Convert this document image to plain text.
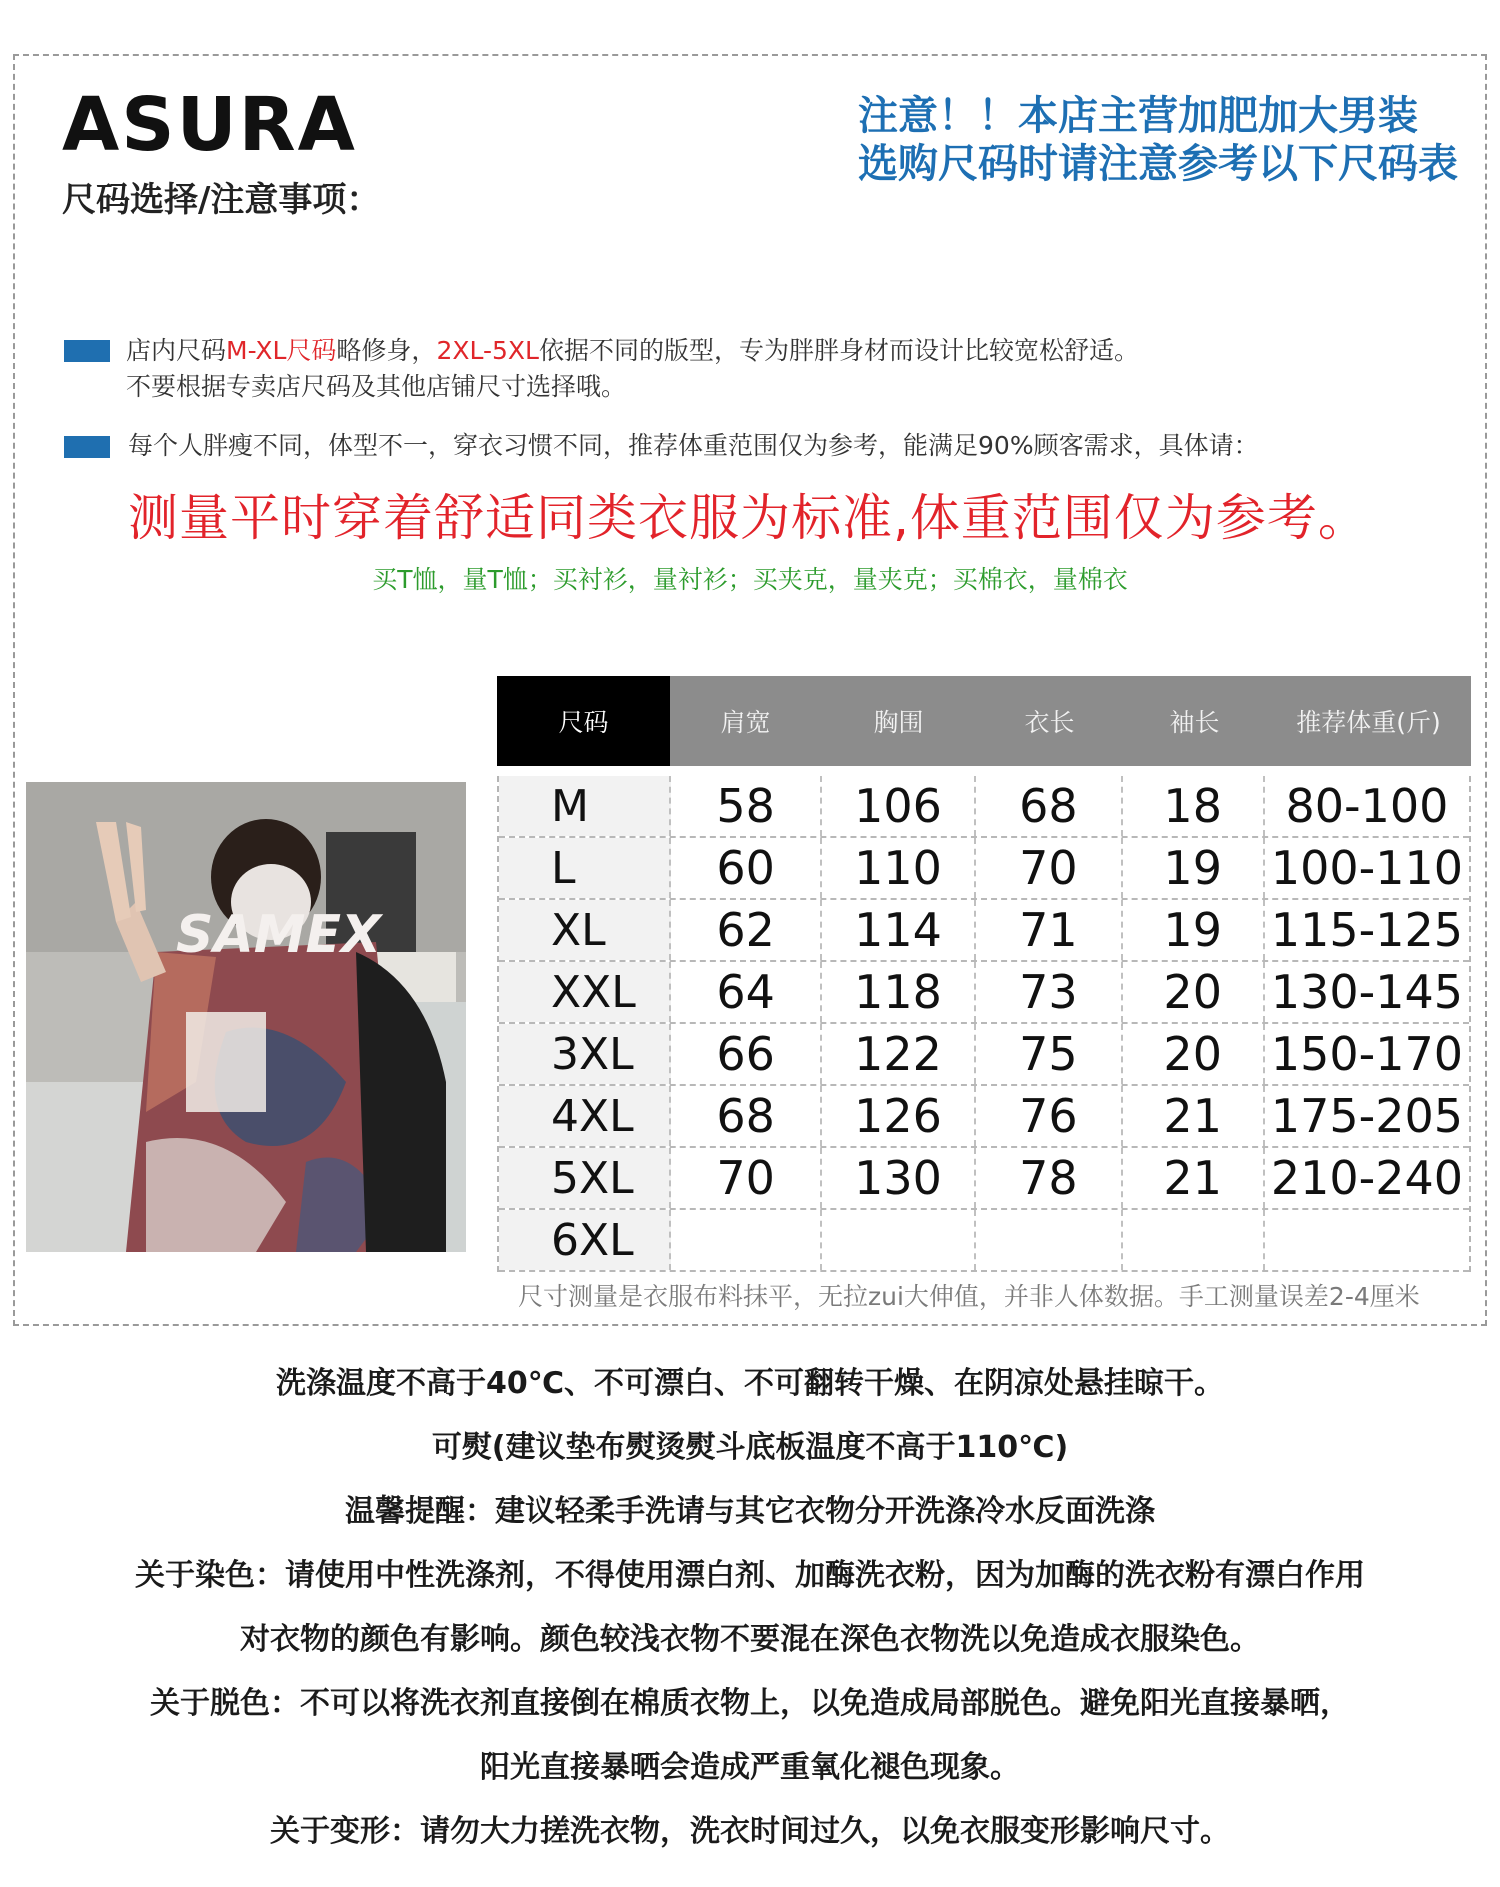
ASURA
尺码选择/注意事项：
注意！！本店主营加肥加大男装
选购尺码时请注意参考以下尺码表
店内尺码M-XL尺码略修身，2XL-5XL依据不同的版型，专为胖胖身材而设计比较宽松舒适。
不要根据专卖店尺码及其他店铺尺寸选择哦。
每个人胖瘦不同，体型不一，穿衣习惯不同，推荐体重范围仅为参考，能满足90%顾客需求，具体请：
测量平时穿着舒适同类衣服为标准,体重范围仅为参考。
买T恤，量T恤；买衬衫，量衬衫；买夹克，量夹克；买棉衣，量棉衣
SAMEX
尺码	肩宽	胸围	衣长	袖长	推荐体重(斤)
M	58	106	68	18	80-100
L	60	110	70	19	100-110
XL	62	114	71	19	115-125
XXL	64	118	73	20	130-145
3XL	66	122	75	20	150-170
4XL	68	126	76	21	175-205
5XL	70	130	78	21	210-240
6XL
尺寸测量是衣服布料抹平，无拉zui大伸值，并非人体数据。手工测量误差2-4厘米
洗涤温度不高于40℃、不可漂白、不可翻转干燥、在阴凉处悬挂晾干。
可熨(建议垫布熨烫熨斗底板温度不高于110℃)
温馨提醒：建议轻柔手洗请与其它衣物分开洗涤冷水反面洗涤
关于染色：请使用中性洗涤剂，不得使用漂白剂、加酶洗衣粉，因为加酶的洗衣粉有漂白作用
对衣物的颜色有影响。颜色较浅衣物不要混在深色衣物洗以免造成衣服染色。
关于脱色：不可以将洗衣剂直接倒在棉质衣物上，以免造成局部脱色。避免阳光直接暴晒，
阳光直接暴晒会造成严重氧化褪色现象。
关于变形：请勿大力搓洗衣物，洗衣时间过久，以免衣服变形影响尺寸。
